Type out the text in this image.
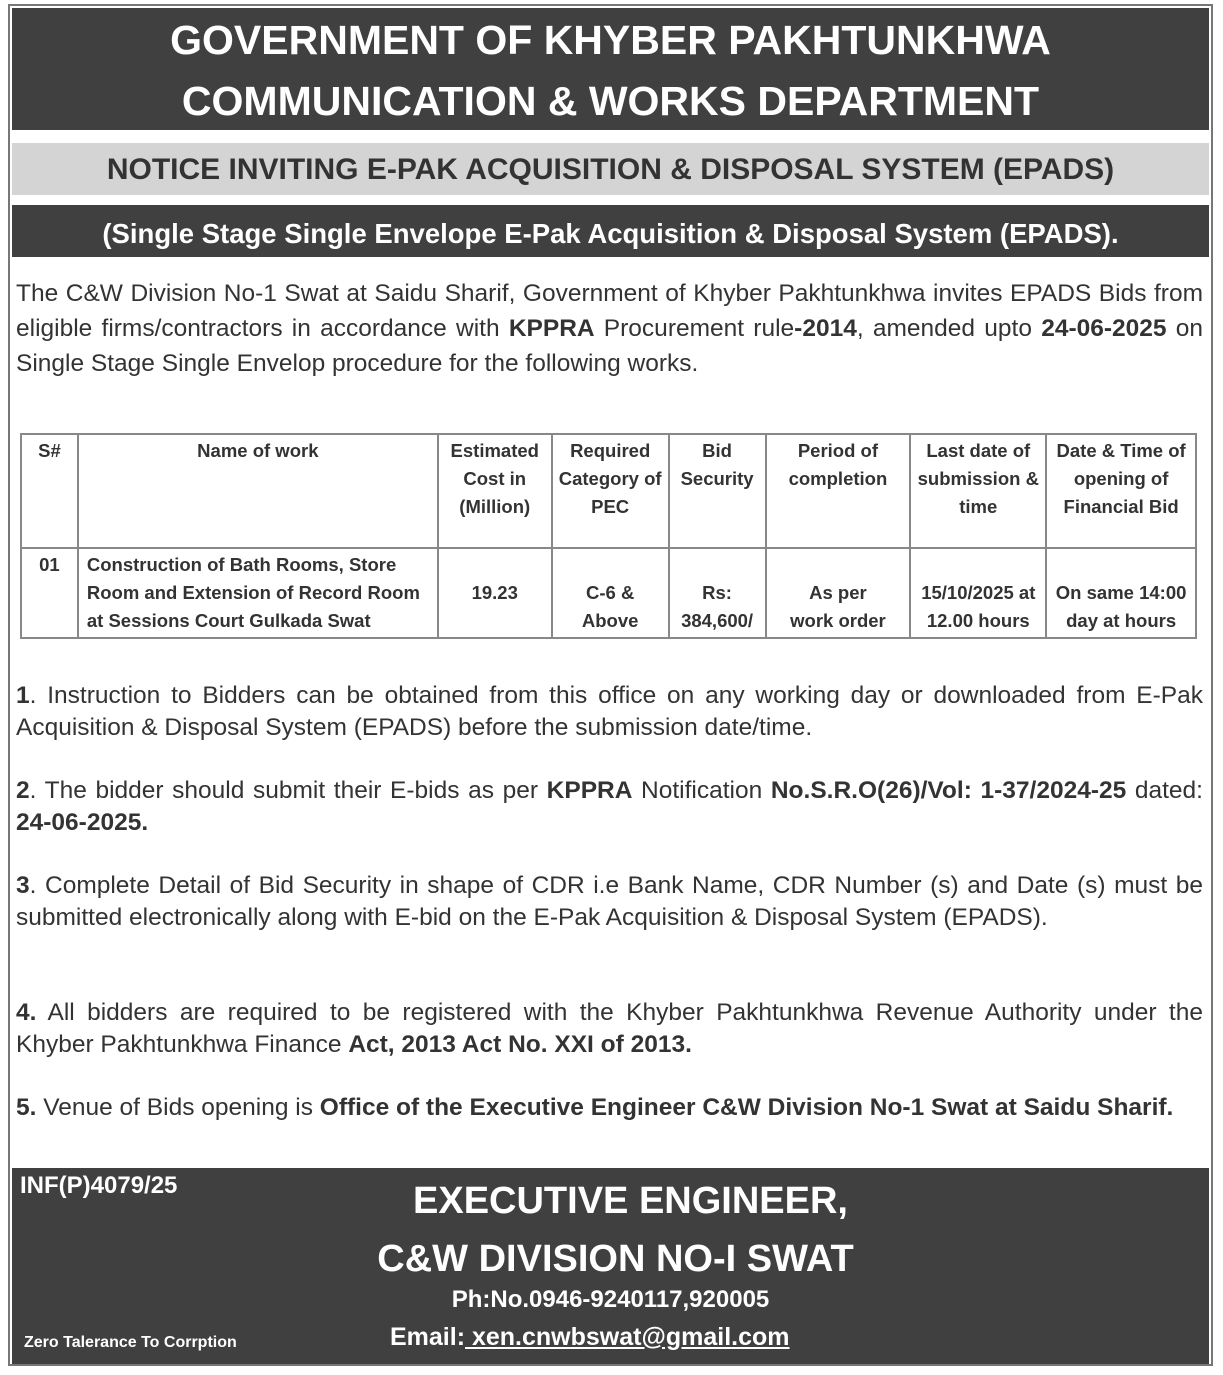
GOVERNMENT OF KHYBER PAKHTUNKHWA
COMMUNICATION & WORKS DEPARTMENT
NOTICE INVITING E-PAK ACQUISITION & DISPOSAL SYSTEM (EPADS)
(Single Stage Single Envelope E-Pak Acquisition & Disposal System (EPADS).
The C&W Division No-1 Swat at Saidu Sharif, Government of Khyber Pakhtunkhwa invites EPADS Bids from eligible firms/contractors in accordance with KPPRA Procurement rule-2014, amended upto 24-06-2025 on Single Stage Single Envelop procedure for the following works.
S#	Name of work	Estimated Cost in (Million)	Required Category of PEC	Bid Security	Period of completion	Last date of submission & time	Date & Time of opening of Financial Bid
01	Construction of Bath Rooms, Store Room and Extension of Record Room at Sessions Court Gulkada Swat	19.23	C-6 & Above	Rs: 384,600/	As per work order	15/10/2025 at 12.00 hours	On same 14:00 day at hours
1. Instruction to Bidders can be obtained from this office on any working day or downloaded from E-Pak Acquisition & Disposal System (EPADS) before the submission date/time.
2. The bidder should submit their E-bids as per KPPRA Notification No.S.R.O(26)/Vol: 1-37/2024-25 dated: 24-06-2025.
3. Complete Detail of Bid Security in shape of CDR i.e Bank Name, CDR Number (s) and Date (s) must be submitted electronically along with E-bid on the E-Pak Acquisition & Disposal System (EPADS).
4. All bidders are required to be registered with the Khyber Pakhtunkhwa Revenue Authority under the Khyber Pakhtunkhwa Finance Act, 2013 Act No. XXI of 2013.
5. Venue of Bids opening is Office of the Executive Engineer C&W Division No-1 Swat at Saidu Sharif.
INF(P)4079/25	EXECUTIVE ENGINEER,
C&W DIVISION NO-I SWAT
Ph:No.0946-9240117,920005
Email: xen.cnwbswat@gmail.com
Zero Talerance To Corrption
